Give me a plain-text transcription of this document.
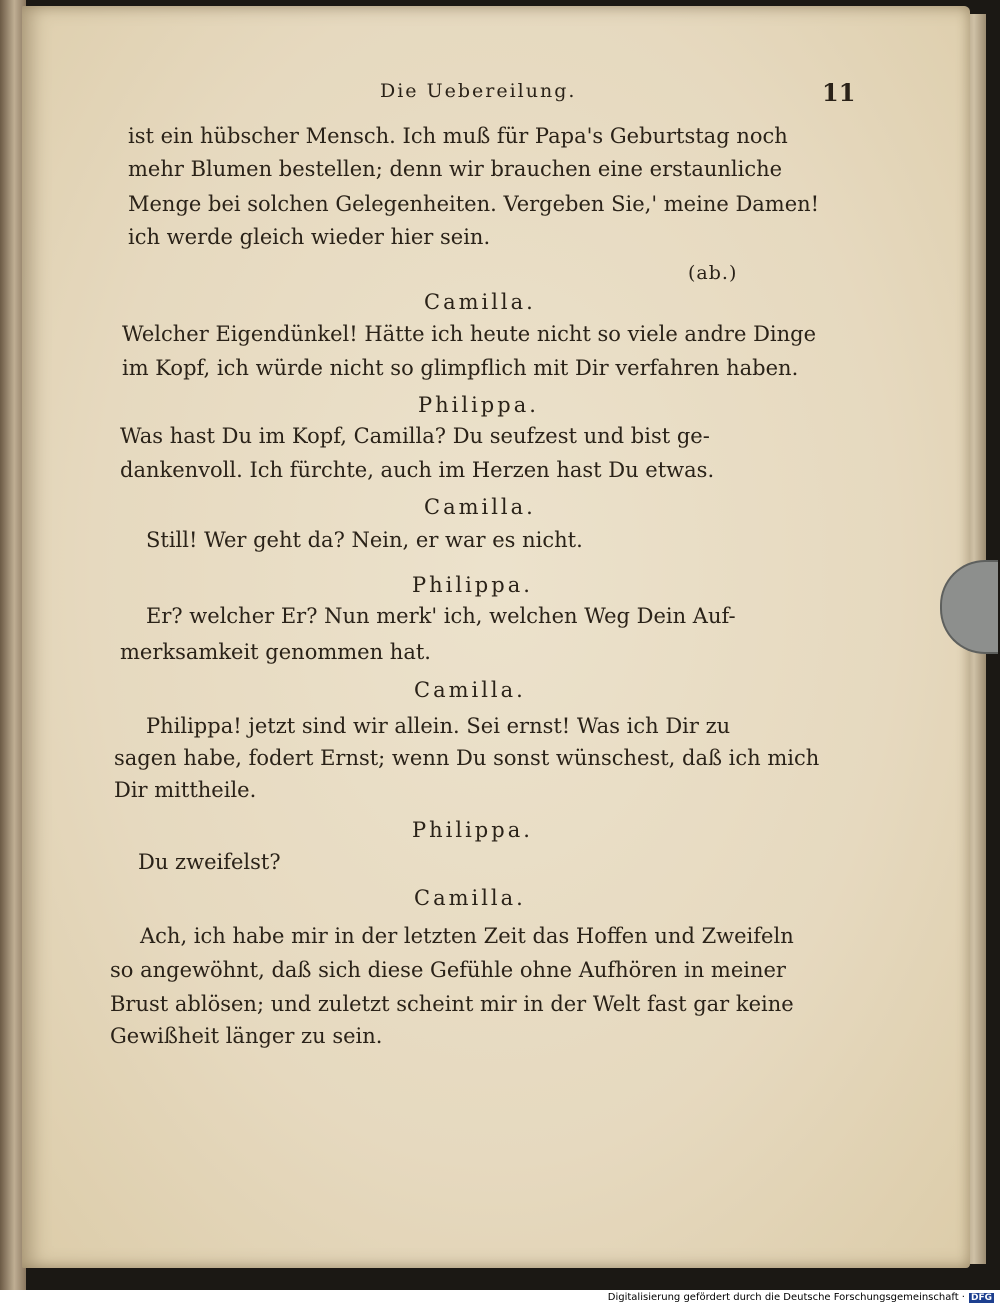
Die Uebereilung.	11
ist ein hübscher Mensch. Ich muß für Papa's Geburtstag noch
mehr Blumen bestellen; denn wir brauchen eine erstaunliche
Menge bei solchen Gelegenheiten. Vergeben Sie,' meine Damen!
ich werde gleich wieder hier sein.
(ab.)
Camilla.
Welcher Eigendünkel! Hätte ich heute nicht so viele andre Dinge
im Kopf, ich würde nicht so glimpflich mit Dir verfahren haben.
Philippa.
Was hast Du im Kopf, Camilla? Du seufzest und bist ge-
dankenvoll. Ich fürchte, auch im Herzen hast Du etwas.
Camilla.
Still! Wer geht da? Nein, er war es nicht.
Philippa.
Er? welcher Er? Nun merk' ich, welchen Weg Dein Auf-
merksamkeit genommen hat.
Camilla.
Philippa! jetzt sind wir allein. Sei ernst! Was ich Dir zu
sagen habe, fodert Ernst; wenn Du sonst wünschest, daß ich mich
Dir mittheile.
Philippa.
Du zweifelst?
Camilla.
Ach, ich habe mir in der letzten Zeit das Hoffen und Zweifeln
so angewöhnt, daß sich diese Gefühle ohne Aufhören in meiner
Brust ablösen; und zuletzt scheint mir in der Welt fast gar keine
Gewißheit länger zu sein.
Digitalisierung gefördert durch die Deutsche Forschungsgemeinschaft · DFG
